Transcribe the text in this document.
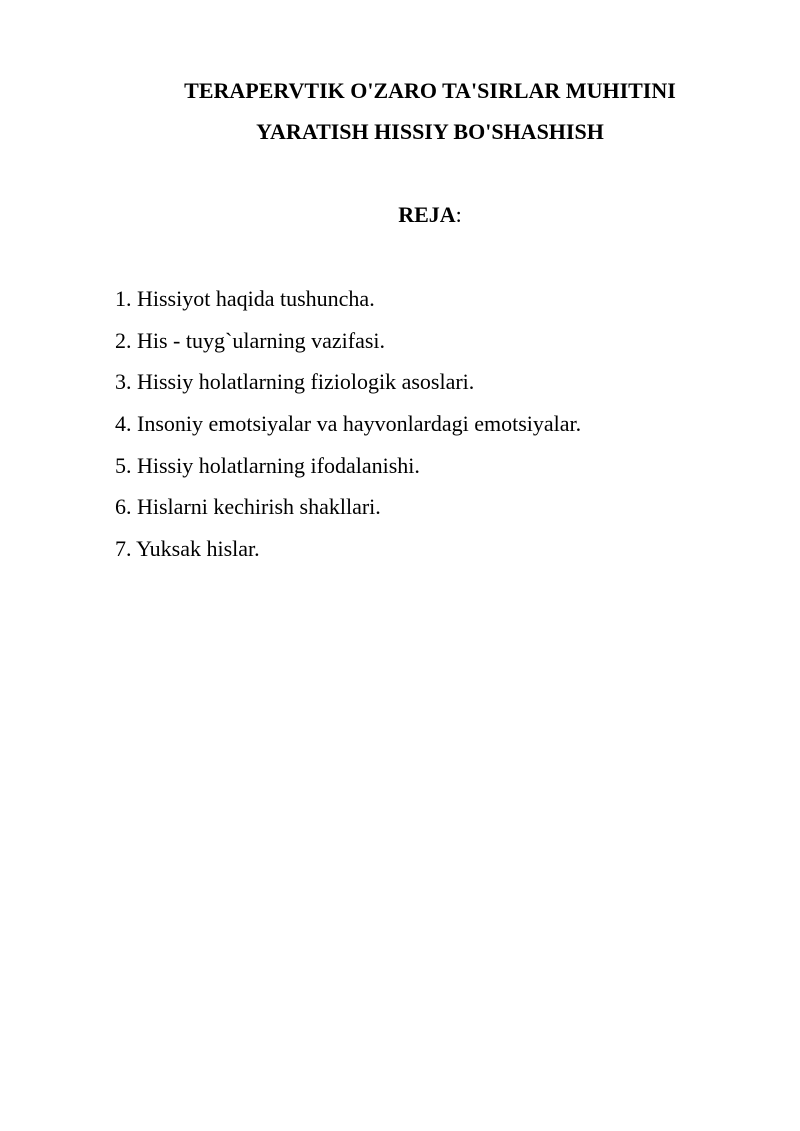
TERAPERVTIK O'ZARO TA'SIRLAR MUHITINI
YARATISH HISSIY BO'SHASHISH
REJA:
1. Hissiyot haqida tushuncha.
2. His - tuyg`ularning vazifasi.
3. Hissiy holatlarning fiziologik asoslari.
4. Insoniy emotsiyalar va hayvonlardagi emotsiyalar.
5. Hissiy holatlarning ifodalanishi.
6. Hislarni kechirish shakllari.
7. Yuksak hislar.
